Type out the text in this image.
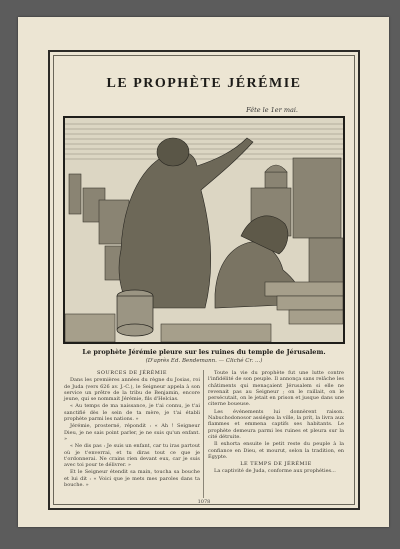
LE PROPHÈTE JÉRÉMIE
Fête le 1er mai.
Le prophète Jérémie pleure sur les ruines du temple de Jérusalem.
(D'après Ed. Bendemann. — Cliché Cr. ...)
SOURCES DE JÉRÉMIE

Dans les premières années du règne du Josias, roi de Juda (vers 626 av. J.-C.), le Seigneur appela à son service un prêtre de la tribu de Benjamin, encore jeune, qui se nommait Jérémie, fils d'Helcias.

« Au temps de ma naissance, je t'ai connu, je t'ai sanctifié dès le sein de ta mère, je t'ai établi prophète parmi les nations. »

Jérémie, prosterné, répondit : « Ah ! Seigneur Dieu, je ne sais point parler, je ne suis qu'un enfant. »

« Ne dis pas : Je suis un enfant, car tu iras partout où je t'enverrai, et tu diras tout ce que je t'ordonnerai. Ne crains rien devant eux, car je suis avec toi pour te délivrer. »

Et le Seigneur étendit sa main, toucha sa bouche et lui dit : « Voici que je mets mes paroles dans ta bouche. »

Toute la vie du prophète fut une lutte contre l'infidélité de son peuple. Il annonça sans relâche les châtiments qui menaçaient Jérusalem si elle ne revenait pas au Seigneur ; on le raillait, on le persécutait, on le jetait en prison et jusque dans une citerne boueuse.

Les événements lui donnèrent raison. Nabuchodonosor assiégea la ville, la prit, la livra aux flammes et emmena captifs ses habitants. Le prophète demeura parmi les ruines et pleura sur la cité détruite.

Il exhorta ensuite le petit reste du peuple à la confiance en Dieu, et mourut, selon la tradition, en Égypte.

LE TEMPS DE JÉRÉMIE

La captivité de Juda, conforme aux prophéties...

1078
